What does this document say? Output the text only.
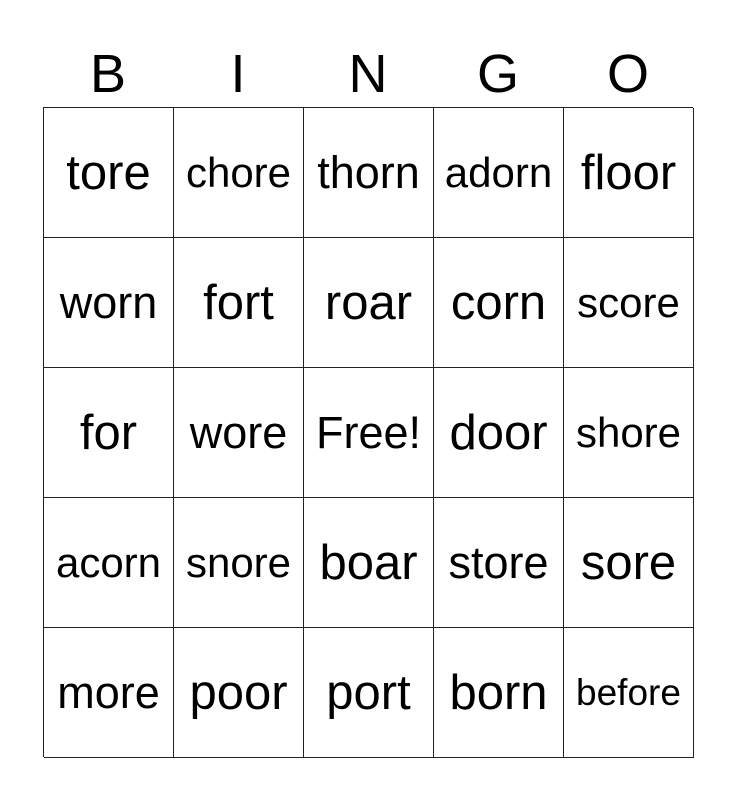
B	I	N	G	O
tore chore thorn adorn floor
worn fort	roar corn score
for	wore Free! door shore
acorn snore boar store sore
more poor port born before
